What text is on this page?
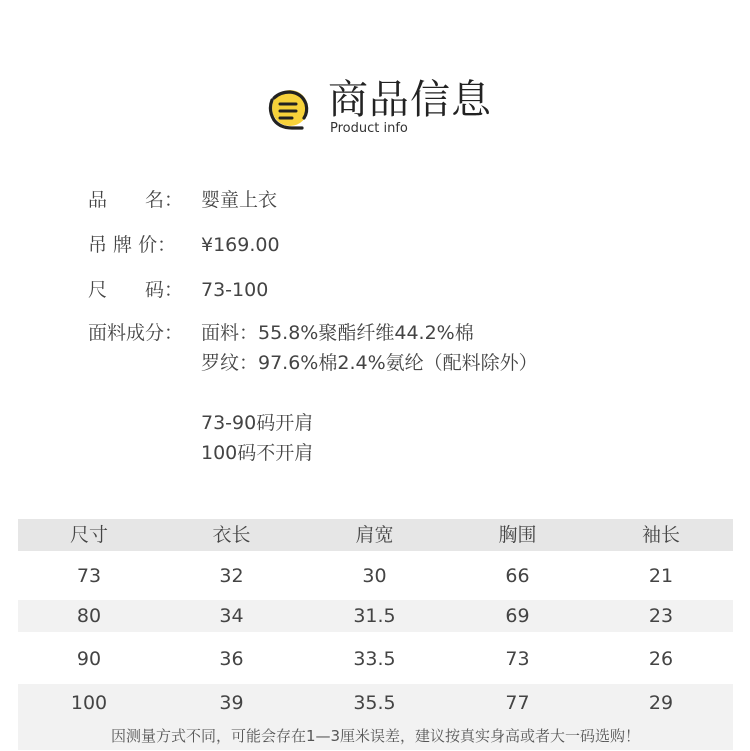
商品信息
Product info
品　　名： 婴童上衣
吊 牌 价： ¥169.00
尺　　码： 73-100
面料成分： 面料：55.8%聚酯纤维44.2%棉
罗纹：97.6%棉2.4%氨纶（配料除外）
73-90码开肩
100码不开肩
尺寸	衣长	肩宽	胸围	袖长
73	32	30	66	21
80	34	31.5	69	23
90	36	33.5	73	26
100	39	35.5	77	29
因测量方式不同，可能会存在1—3厘米误差，建议按真实身高或者大一码选购！
